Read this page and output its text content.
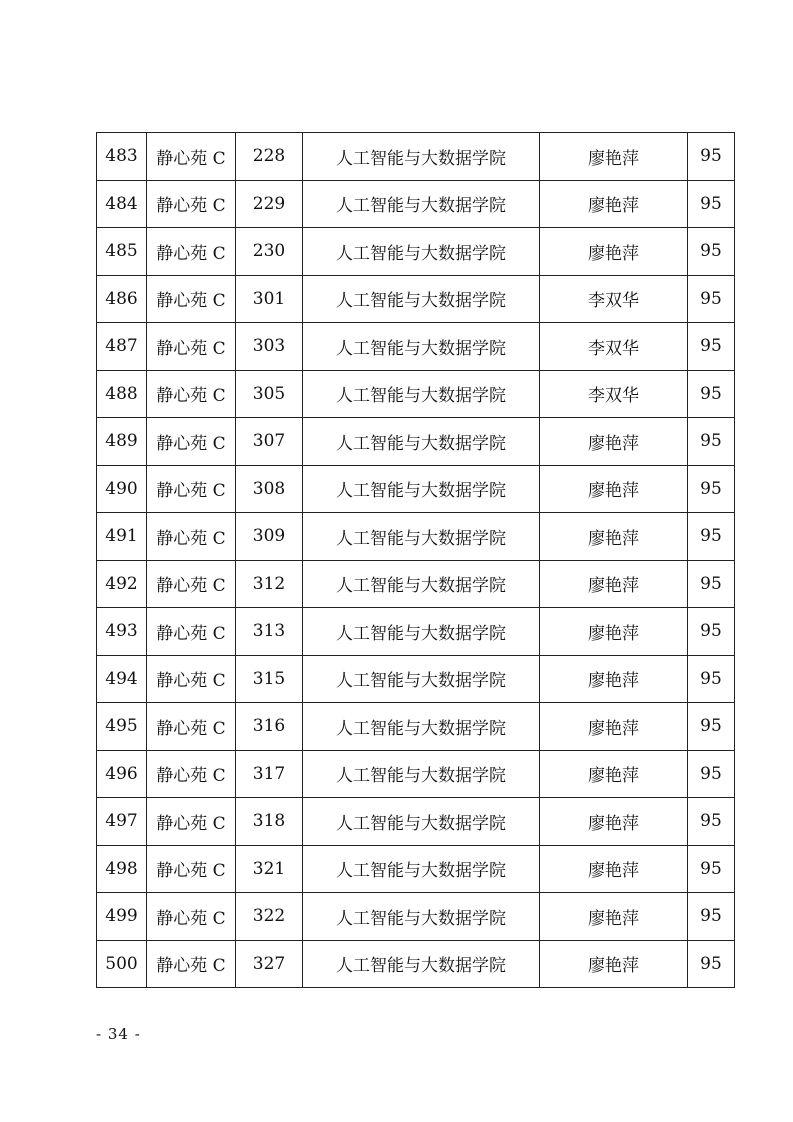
483	静心苑 C	228	人工智能与大数据学院	廖艳萍	95
484	静心苑 C	229	人工智能与大数据学院	廖艳萍	95
485	静心苑 C	230	人工智能与大数据学院	廖艳萍	95
486	静心苑 C	301	人工智能与大数据学院	李双华	95
487	静心苑 C	303	人工智能与大数据学院	李双华	95
488	静心苑 C	305	人工智能与大数据学院	李双华	95
489	静心苑 C	307	人工智能与大数据学院	廖艳萍	95
490	静心苑 C	308	人工智能与大数据学院	廖艳萍	95
491	静心苑 C	309	人工智能与大数据学院	廖艳萍	95
492	静心苑 C	312	人工智能与大数据学院	廖艳萍	95
493	静心苑 C	313	人工智能与大数据学院	廖艳萍	95
494	静心苑 C	315	人工智能与大数据学院	廖艳萍	95
495	静心苑 C	316	人工智能与大数据学院	廖艳萍	95
496	静心苑 C	317	人工智能与大数据学院	廖艳萍	95
497	静心苑 C	318	人工智能与大数据学院	廖艳萍	95
498	静心苑 C	321	人工智能与大数据学院	廖艳萍	95
499	静心苑 C	322	人工智能与大数据学院	廖艳萍	95
500	静心苑 C	327	人工智能与大数据学院	廖艳萍	95
- 34 -
